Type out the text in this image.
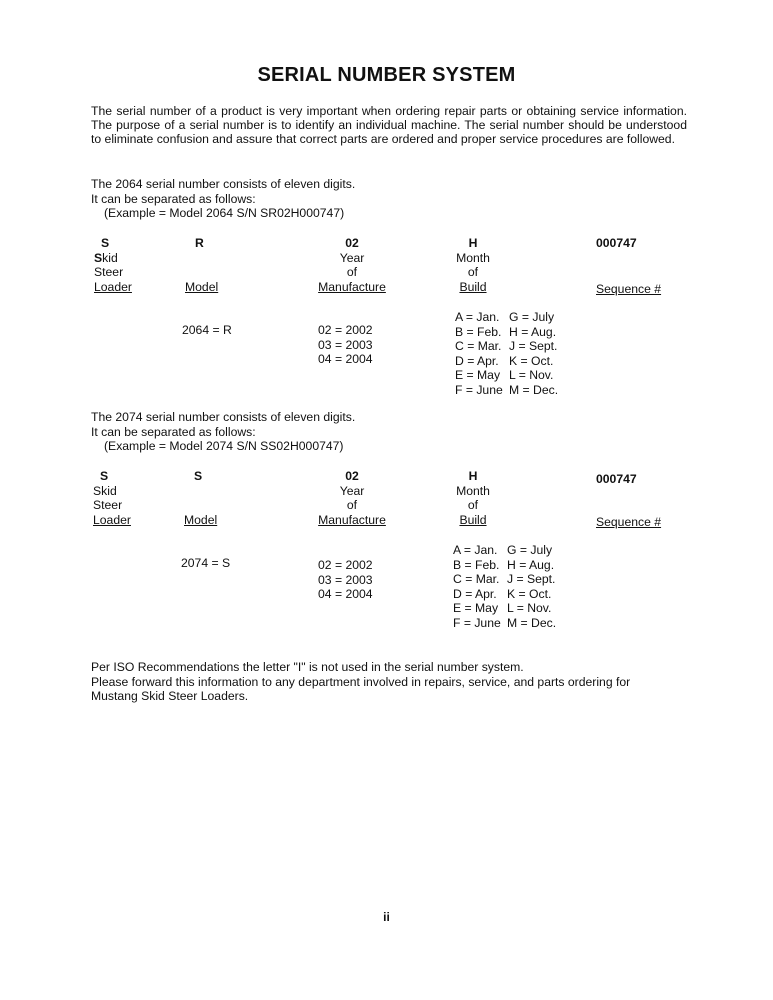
SERIAL NUMBER SYSTEM
The serial number of a product is very important when ordering repair parts or obtaining service information. The purpose of a serial number is to identify an individual machine. The serial number should be understood to eliminate confusion and assure that correct parts are ordered and proper service procedures are followed.
The 2064 serial number consists of eleven digits.
It can be separated as follows:
(Example = Model 2064 S/N SR02H000747)
S
Skid
Steer
Loader
R

Model
02
Year
of
Manufacture
H
Month
of
Build
000747

Sequence #
2064 = R	02 = 2002
03 = 2003
04 = 2004
A = Jan. G = July
B = Feb. H = Aug.
C = Mar. J = Sept.
D = Apr. K = Oct.
E = May L = Nov.
F = June M = Dec.
The 2074 serial number consists of eleven digits.
It can be separated as follows:
(Example = Model 2074 S/N SS02H000747)
S
Skid
Steer
Loader
S

Model
02
Year
of
Manufacture
H
Month
of
Build
000747

Sequence #
2074 = S	02 = 2002
03 = 2003
04 = 2004
A = Jan. G = July
B = Feb. H = Aug.
C = Mar. J = Sept.
D = Apr. K = Oct.
E = May L = Nov.
F = June M = Dec.
Per ISO Recommendations the letter "I" is not used in the serial number system.
Please forward this information to any department involved in repairs, service, and parts ordering for
Mustang Skid Steer Loaders.
ii
